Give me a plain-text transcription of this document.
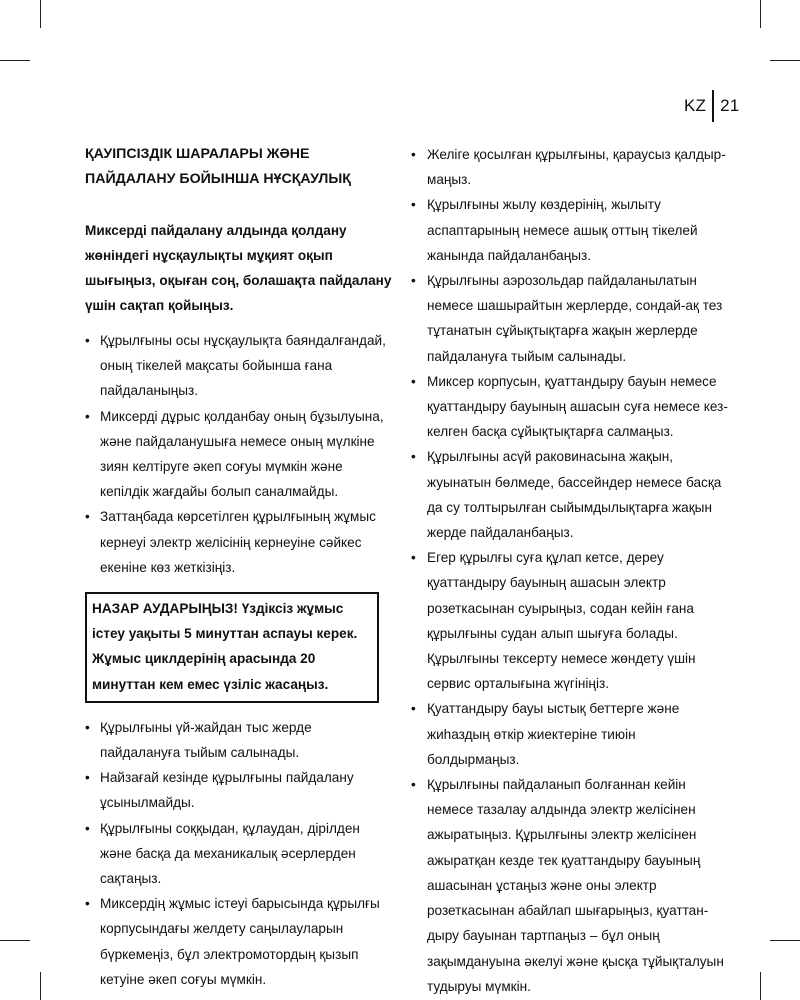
KZ 21

ҚАУІПСІЗДІК ШАРАЛАРЫ ЖӘНЕ ПАЙДАЛАНУ БОЙЫНША НҰСҚАУЛЫҚ

Миксерді пайдалану алдында қолдану жөніндегі нұсқаулықты мұқият оқып шығыңыз, оқыған соң, болашақта пайдалану үшін сақтап қойыңыз.

• Құрылғыны осы нұсқаулықта баяндалғандай, оның тікелей мақсаты бойынша ғана пайдаланыңыз.
• Миксерді дұрыс қолданбау оның бұзылуына, және пайдаланушыға немесе оның мүлкіне зиян келтіруге әкеп соғуы мүмкін және кепілдік жағдайы болып саналмайды.
• Заттаңбада көрсетілген құрылғының жұмыс кернеуі электр желісінің кернеуіне сәйкес екеніне көз жеткізіңіз.
НАЗАР АУДАРЫҢЫЗ! Үздіксіз жұмыс істеу уақыты 5 минуттан аспауы керек. Жұмыс циклдерінің арасында 20 минуттан кем емес үзіліс жасаңыз.
• Құрылғыны үй-жайдан тыс жерде пайдалануға тыйым салынады.
• Найзағай кезінде құрылғыны пайдалану ұсынылмайды.
• Құрылғыны соққыдан, құлаудан, дірілден және басқа да механикалық әсерлерден сақтаңыз.
• Миксердің жұмыс істеуі барысында құрылғы корпусындағы желдету саңылауларын бүркемеңіз, бұл электромотордың қызып кетуіне әкеп соғуы мүмкін.
• Желіге қосылған құрылғыны, қараусыз қалдырмаңыз.
• Құрылғыны жылу көздерінің, жылыту аспаптарының немесе ашық оттың тікелей жанында пайдаланбаңыз.
• Құрылғыны аэрозольдар пайдаланылатын немесе шашырайтын жерлерде, сондай-ақ тез тұтанатын сұйықтықтарға жақын жерлерде пайдалануға тыйым салынады.
• Миксер корпусын, қуаттандыру бауын немесе қуаттандыру бауының ашасын суға немесе кез-келген басқа сұйықтықтарға салмаңыз.
• Құрылғыны асүй раковинасына жақын, жуынатын бөлмеде, бассейндер немесе басқа да су толтырылған сыйымдылықтарға жақын жерде пайдаланбаңыз.
• Егер құрылғы суға құлап кетсе, дереу қуаттандыру бауының ашасын электр розеткасынан суырыңыз, содан кейін ғана құрылғыны судан алып шығуға болады. Құрылғыны тексерту немесе жөндету үшін сервис орталығына жүгініңіз.
• Қуаттандыру бауы ыстық беттерге және жиһаздың өткір жиектеріне тиюін болдырмаңыз.
• Құрылғыны пайдаланып болғаннан кейін немесе тазалау алдында электр желісінен ажыратыңыз. Құрылғыны электр желісінен ажыратқан кезде тек қуаттандыру бауының ашасынан ұстаңыз және оны электр розеткасынан абайлап шығарыңыз, қуаттандыру бауынан тартпаңыз – бұл оның зақымдануына әкелуі және қысқа тұйықталуын тудыруы мүмкін.
